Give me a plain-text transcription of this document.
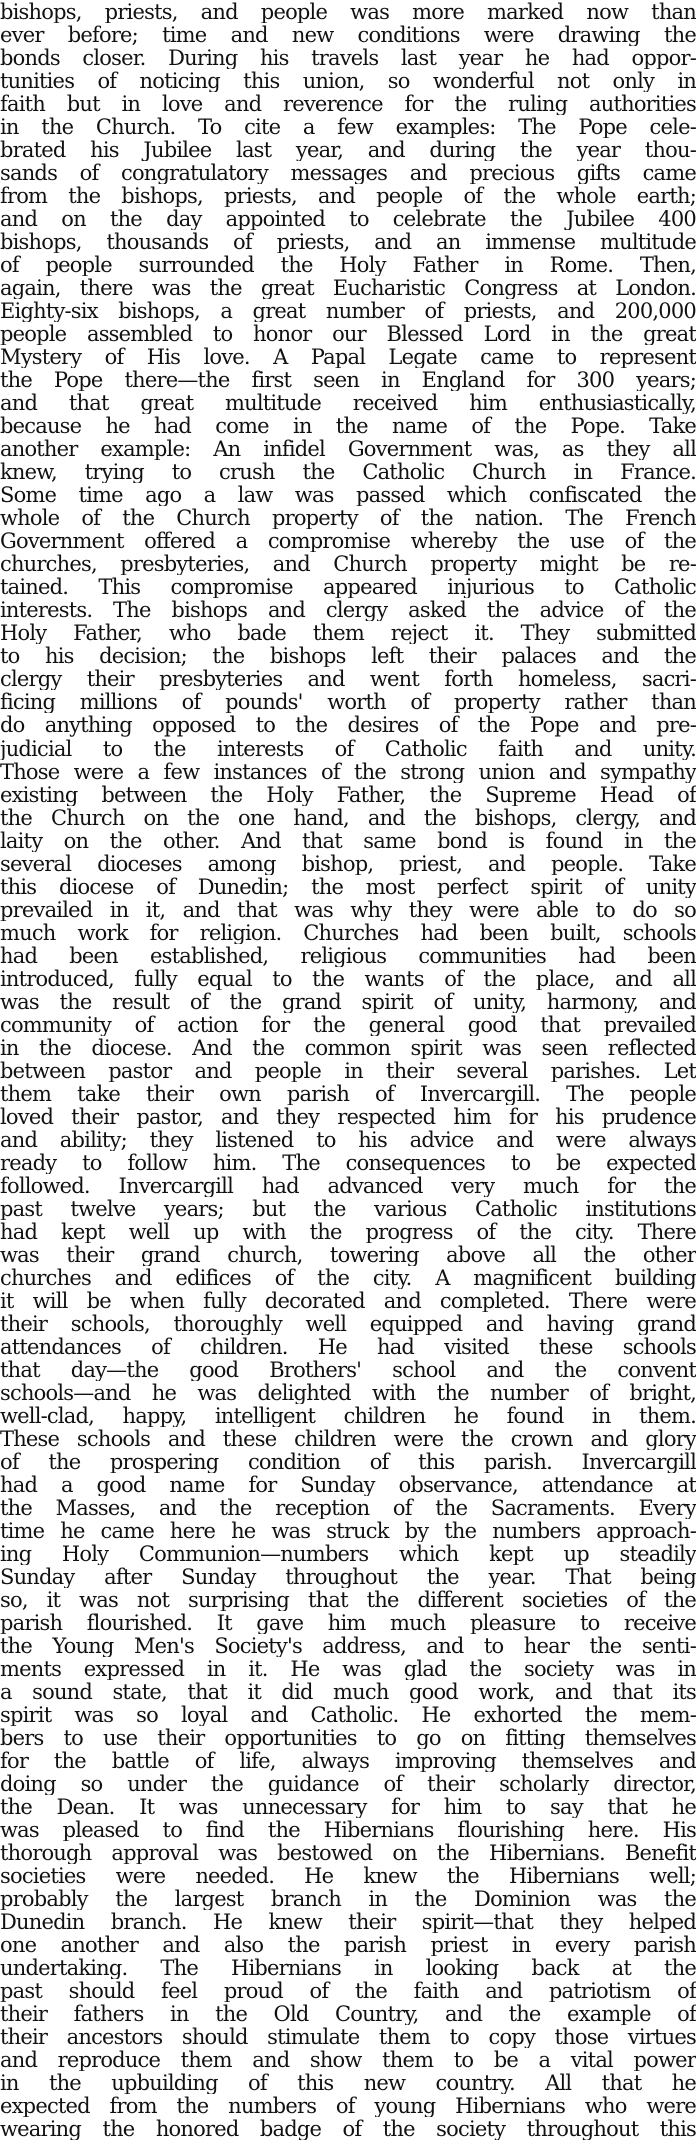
bishops, priests, and people was more marked now than
ever before; time and new conditions were drawing the
bonds closer. During his travels last year he had oppor-
tunities of noticing this union, so wonderful not only in
faith but in love and reverence for the ruling authorities
in the Church. To cite a few examples: The Pope cele-
brated his Jubilee last year, and during the year thou-
sands of congratulatory messages and precious gifts came
from the bishops, priests, and people of the whole earth;
and on the day appointed to celebrate the Jubilee 400
bishops, thousands of priests, and an immense multitude
of people surrounded the Holy Father in Rome. Then,
again, there was the great Eucharistic Congress at London.
Eighty-six bishops, a great number of priests, and 200,000
people assembled to honor our Blessed Lord in the great
Mystery of His love. A Papal Legate came to represent
the Pope there—the first seen in England for 300 years;
and that great multitude received him enthusiastically,
because he had come in the name of the Pope. Take
another example: An infidel Government was, as they all
knew, trying to crush the Catholic Church in France.
Some time ago a law was passed which confiscated the
whole of the Church property of the nation. The French
Government offered a compromise whereby the use of the
churches, presbyteries, and Church property might be re-
tained. This compromise appeared injurious to Catholic
interests. The bishops and clergy asked the advice of the
Holy Father, who bade them reject it. They submitted
to his decision; the bishops left their palaces and the
clergy their presbyteries and went forth homeless, sacri-
ficing millions of pounds' worth of property rather than
do anything opposed to the desires of the Pope and pre-
judicial to the interests of Catholic faith and unity.
Those were a few instances of the strong union and sympathy
existing between the Holy Father, the Supreme Head of
the Church on the one hand, and the bishops, clergy, and
laity on the other. And that same bond is found in the
several dioceses among bishop, priest, and people. Take
this diocese of Dunedin; the most perfect spirit of unity
prevailed in it, and that was why they were able to do so
much work for religion. Churches had been built, schools
had been established, religious communities had been
introduced, fully equal to the wants of the place, and all
was the result of the grand spirit of unity, harmony, and
community of action for the general good that prevailed
in the diocese. And the common spirit was seen reflected
between pastor and people in their several parishes. Let
them take their own parish of Invercargill. The people
loved their pastor, and they respected him for his prudence
and ability; they listened to his advice and were always
ready to follow him. The consequences to be expected
followed. Invercargill had advanced very much for the
past twelve years; but the various Catholic institutions
had kept well up with the progress of the city. There
was their grand church, towering above all the other
churches and edifices of the city. A magnificent building
it will be when fully decorated and completed. There were
their schools, thoroughly well equipped and having grand
attendances of children. He had visited these schools
that day—the good Brothers' school and the convent
schools—and he was delighted with the number of bright,
well-clad, happy, intelligent children he found in them.
These schools and these children were the crown and glory
of the prospering condition of this parish. Invercargill
had a good name for Sunday observance, attendance at
the Masses, and the reception of the Sacraments. Every
time he came here he was struck by the numbers approach-
ing Holy Communion—numbers which kept up steadily
Sunday after Sunday throughout the year. That being
so, it was not surprising that the different societies of the
parish flourished. It gave him much pleasure to receive
the Young Men's Society's address, and to hear the senti-
ments expressed in it. He was glad the society was in
a sound state, that it did much good work, and that its
spirit was so loyal and Catholic. He exhorted the mem-
bers to use their opportunities to go on fitting themselves
for the battle of life, always improving themselves and
doing so under the guidance of their scholarly director,
the Dean. It was unnecessary for him to say that he
was pleased to find the Hibernians flourishing here. His
thorough approval was bestowed on the Hibernians. Benefit
societies were needed. He knew the Hibernians well;
probably the largest branch in the Dominion was the
Dunedin branch. He knew their spirit—that they helped
one another and also the parish priest in every parish
undertaking. The Hibernians in looking back at the
past should feel proud of the faith and patriotism of
their fathers in the Old Country, and the example of
their ancestors should stimulate them to copy those virtues
and reproduce them and show them to be a vital power
in the upbuilding of this new country. All that he
expected from the numbers of young Hibernians who were
wearing the honored badge of the society throughout this
